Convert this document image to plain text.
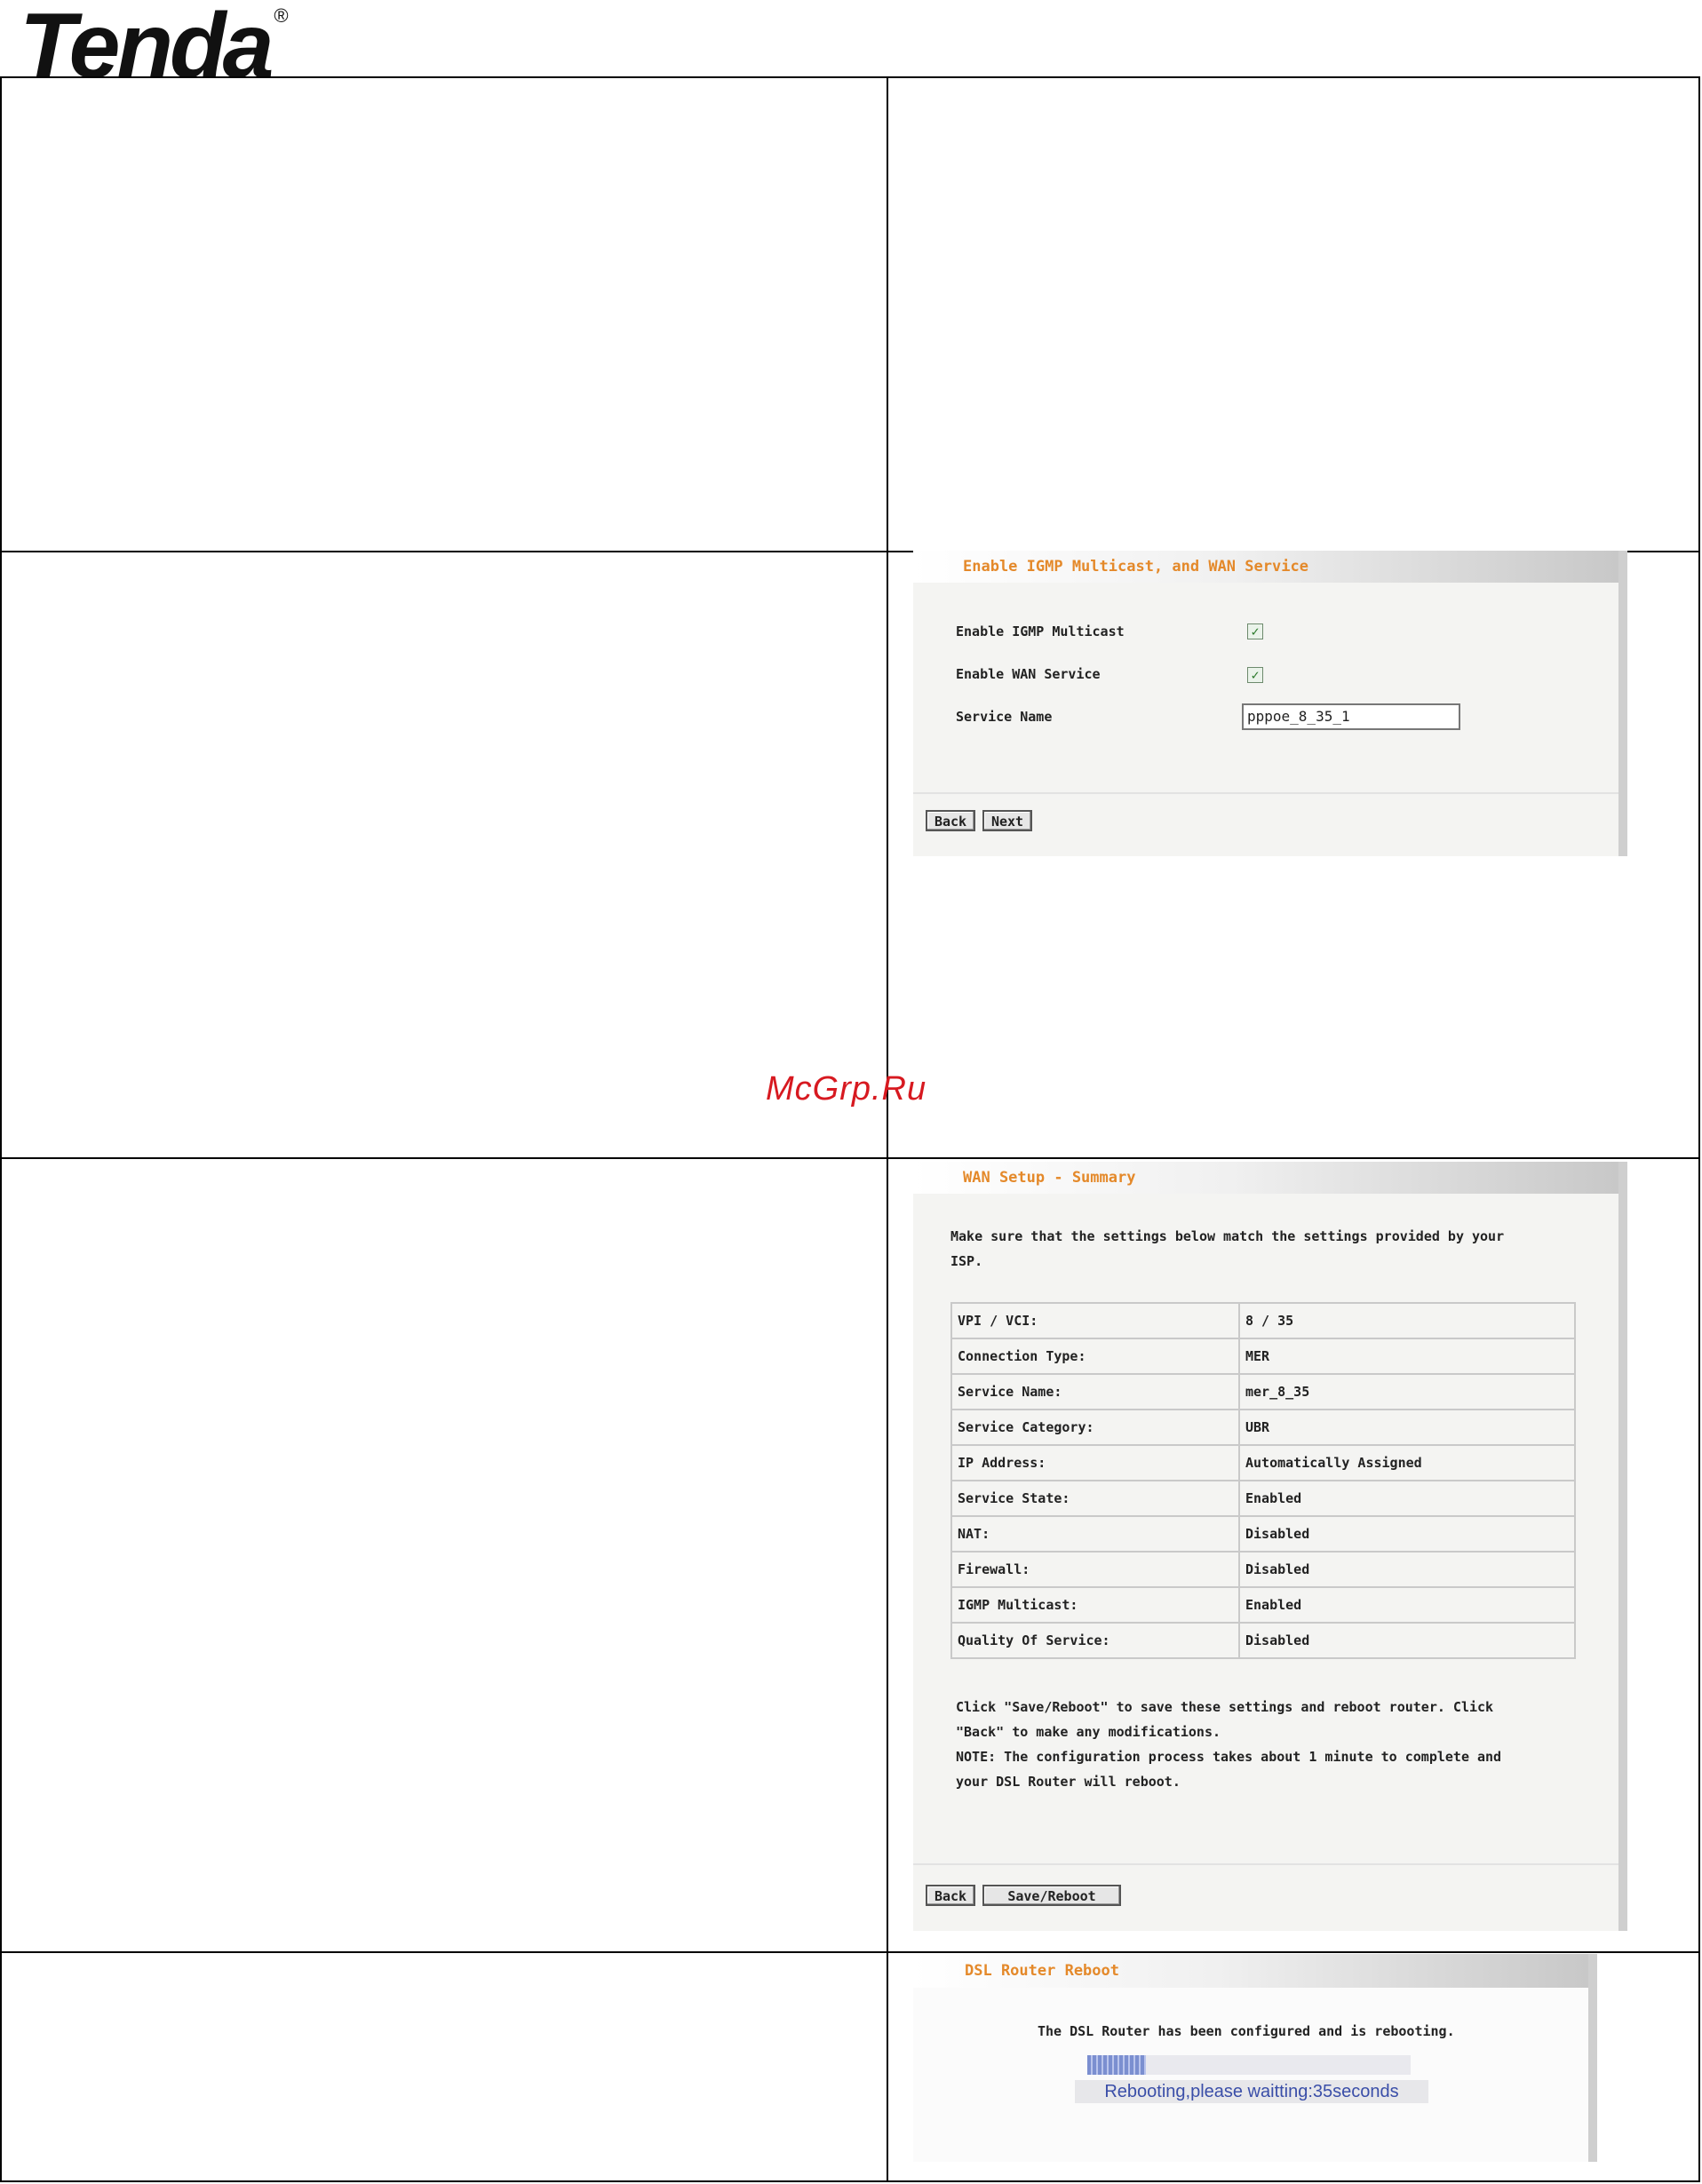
Tenda ®
Enable IGMP Multicast, and WAN Service
Enable IGMP Multicast	✓
Enable WAN Service	✓
Service Name	pppoe_8_35_1
Back	Next
McGrp.Ru
WAN Setup - Summary
Make sure that the settings below match the settings provided by your
ISP.
VPI / VCI:	8 / 35
Connection Type:	MER
Service Name:	mer_8_35
Service Category:	UBR
IP Address:	Automatically Assigned
Service State:	Enabled
NAT:	Disabled
Firewall:	Disabled
IGMP Multicast:	Enabled
Quality Of Service:	Disabled
Click "Save/Reboot" to save these settings and reboot router. Click
"Back" to make any modifications.
NOTE: The configuration process takes about 1 minute to complete and
your DSL Router will reboot.
Back	Save/Reboot
DSL Router Reboot
The DSL Router has been configured and is rebooting.
Rebooting,please waitting:35seconds
